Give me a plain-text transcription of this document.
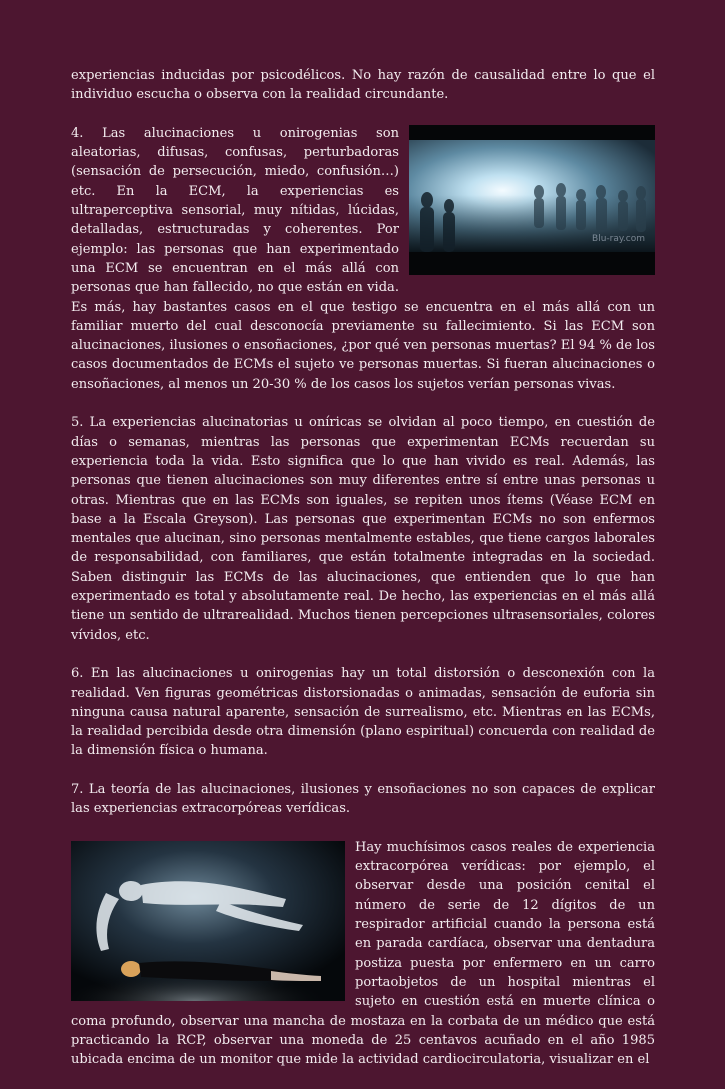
experiencias inducidas por psicodélicos. No hay razón de causalidad entre lo que el individuo escucha o observa con la realidad circundante.

Blu-ray.com

4. Las alucinaciones u onirogenias son aleatorias, difusas, confusas, perturbadoras (sensación de persecución, miedo, confusión…) etc. En la ECM, la experiencias es ultraperceptiva sensorial, muy nítidas, lúcidas, detalladas, estructuradas y coherentes. Por ejemplo: las personas que han experimentado una ECM se encuentran en el más allá con personas que han fallecido, no que están en vida. Es más, hay bastantes casos en el que testigo se encuentra en el más allá con un familiar muerto del cual desconocía previamente su fallecimiento. Si las ECM son alucinaciones, ilusiones o ensoñaciones, ¿por qué ven personas muertas? El 94 % de los casos documentados de ECMs el sujeto ve personas muertas. Si fueran alucinaciones o ensoñaciones, al menos un 20-30 % de los casos los sujetos verían personas vivas.

5. La experiencias alucinatorias u oníricas se olvidan al poco tiempo, en cuestión de días o semanas, mientras las personas que experimentan ECMs recuerdan su experiencia toda la vida. Esto significa que lo que han vivido es real. Además, las personas que tienen alucinaciones son muy diferentes entre sí entre unas personas u otras. Mientras que en las ECMs son iguales, se repiten unos ítems (Véase ECM en base a la Escala Greyson). Las personas que experimentan ECMs no son enfermos mentales que alucinan, sino personas mentalmente estables, que tiene cargos laborales de responsabilidad, con familiares, que están totalmente integradas en la sociedad. Saben distinguir las ECMs de las alucinaciones, que entienden que lo que han experimentado es total y absolutamente real. De hecho, las experiencias en el más allá tiene un sentido de ultrarealidad. Muchos tienen percepciones ultrasensoriales, colores vívidos, etc.

6. En las alucinaciones u onirogenias hay un total distorsión o desconexión con la realidad. Ven figuras geométricas distorsionadas o animadas, sensación de euforia sin ninguna causa natural aparente, sensación de surrealismo, etc. Mientras en las ECMs, la realidad percibida desde otra dimensión (plano espiritual) concuerda con realidad de la dimensión física o humana.

7. La teoría de las alucinaciones, ilusiones y ensoñaciones no son capaces de explicar las experiencias extracorpóreas verídicas.

Hay muchísimos casos reales de experiencia extracorpórea verídicas: por ejemplo, el observar desde una posición cenital el número de serie de 12 dígitos de un respirador artificial cuando la persona está en parada cardíaca, observar una dentadura postiza puesta por enfermero en un carro portaobjetos de un hospital mientras el sujeto en cuestión está en muerte clínica o coma profundo, observar una mancha de mostaza en la corbata de un médico que está practicando la RCP, observar una moneda de 25 centavos acuñado en el año 1985 ubicada encima de un monitor que mide la actividad cardiocirculatoria, visualizar en el
